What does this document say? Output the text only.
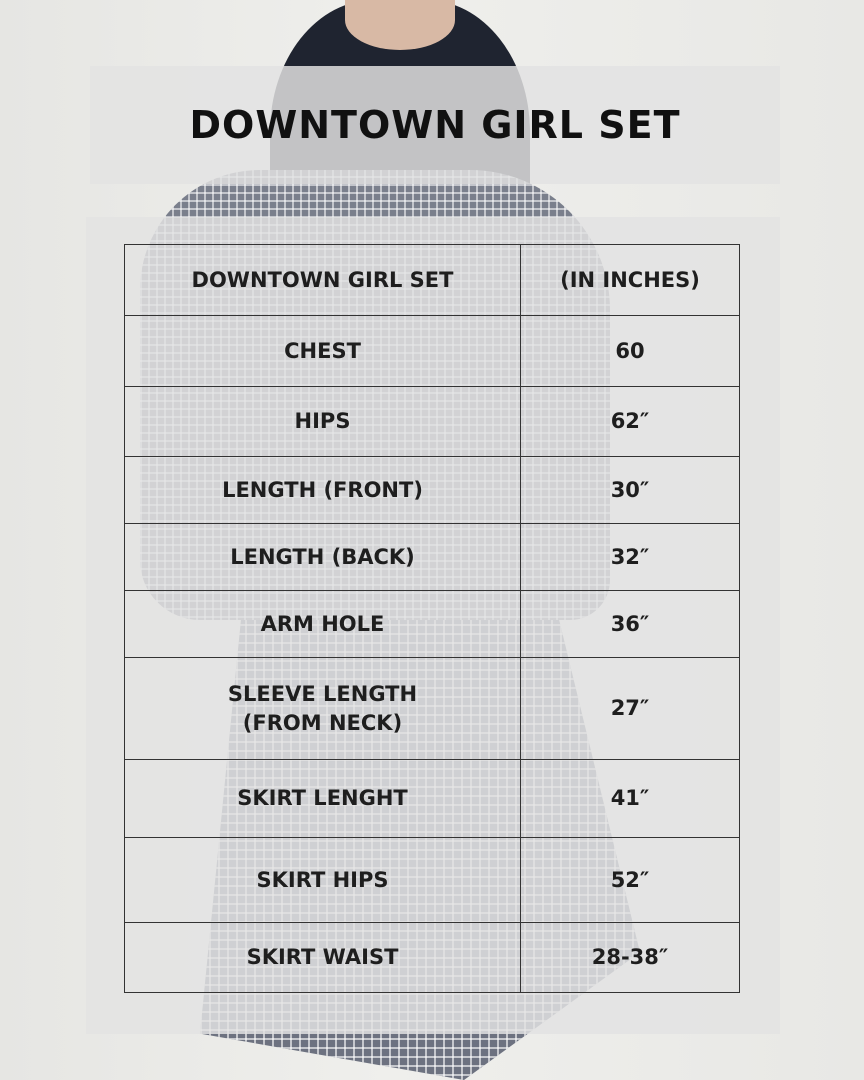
DOWNTOWN GIRL SET
DOWNTOWN GIRL SET	(IN INCHES)
CHEST	60
HIPS	62″
LENGTH (FRONT)	30″
LENGTH (BACK)	32″
ARM HOLE	36″
SLEEVE LENGTH
(FROM NECK)	27″
SKIRT LENGHT	41″
SKIRT HIPS	52″
SKIRT WAIST	28-38″
